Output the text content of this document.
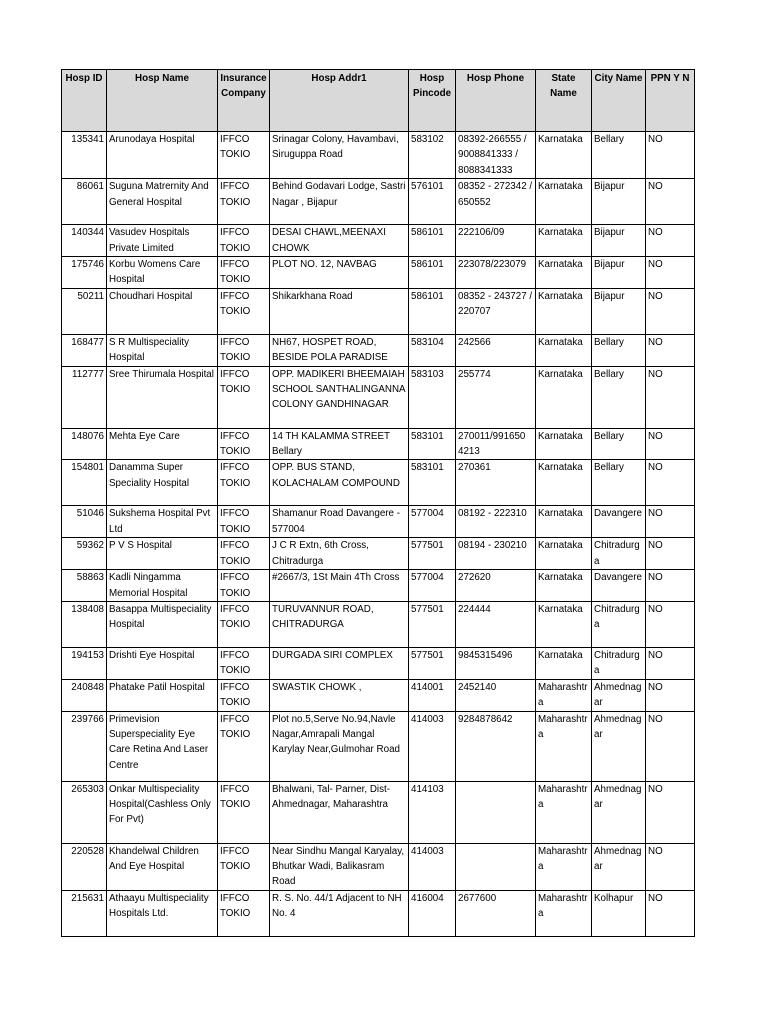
Hosp ID	Hosp Name	Insurance Company	Hosp Addr1	Hosp Pincode	Hosp Phone	State Name	City Name	PPN Y N
135341	Arunodaya Hospital	IFFCO TOKIO	Srinagar Colony, Havambavi, Siruguppa Road	583102	08392-266555 / 9008841333 / 8088341333	Karnataka	Bellary	NO
86061	Suguna Matrernity And General Hospital	IFFCO TOKIO	Behind Godavari Lodge, Sastri Nagar , Bijapur	576101	08352 - 272342 / 650552	Karnataka	Bijapur	NO
140344	Vasudev Hospitals Private Limited	IFFCO TOKIO	DESAI CHAWL,MEENAXI CHOWK	586101	222106/09	Karnataka	Bijapur	NO
175746	Korbu Womens Care Hospital	IFFCO TOKIO	PLOT NO. 12, NAVBAG	586101	223078/223079	Karnataka	Bijapur	NO
50211	Choudhari Hospital	IFFCO TOKIO	Shikarkhana Road	586101	08352 - 243727 / 220707	Karnataka	Bijapur	NO
168477	S R Multispeciality Hospital	IFFCO TOKIO	NH67, HOSPET ROAD, BESIDE POLA PARADISE	583104	242566	Karnataka	Bellary	NO
112777	Sree Thirumala Hospital	IFFCO TOKIO	OPP. MADIKERI BHEEMAIAH SCHOOL SANTHALINGANNA COLONY GANDHINAGAR	583103	255774	Karnataka	Bellary	NO
148076	Mehta Eye Care	IFFCO TOKIO	14 TH KALAMMA STREET Bellary	583101	270011/991650 4213	Karnataka	Bellary	NO
154801	Danamma Super Speciality Hospital	IFFCO TOKIO	OPP. BUS STAND, KOLACHALAM COMPOUND	583101	270361	Karnataka	Bellary	NO
51046	Sukshema Hospital Pvt Ltd	IFFCO TOKIO	Shamanur Road Davangere - 577004	577004	08192 - 222310	Karnataka	Davangere	NO
59362	P V S Hospital	IFFCO TOKIO	J C R Extn, 6th Cross, Chitradurga	577501	08194 - 230210	Karnataka	Chitradurga	NO
58863	Kadli Ningamma Memorial Hospital	IFFCO TOKIO	#2667/3, 1St Main 4Th Cross	577004	272620	Karnataka	Davangere	NO
138408	Basappa Multispeciality Hospital	IFFCO TOKIO	TURUVANNUR ROAD, CHITRADURGA	577501	224444	Karnataka	Chitradurga	NO
194153	Drishti Eye Hospital	IFFCO TOKIO	DURGADA SIRI COMPLEX	577501	9845315496	Karnataka	Chitradurga	NO
240848	Phatake Patil Hospital	IFFCO TOKIO	SWASTIK CHOWK ,	414001	2452140	Maharashtra	Ahmednagar	NO
239766	Primevision Superspeciality Eye Care Retina And Laser Centre	IFFCO TOKIO	Plot no.5,Serve No.94,Navle Nagar,Amrapali Mangal Karylay Near,Gulmohar Road	414003	9284878642	Maharashtra	Ahmednagar	NO
265303	Onkar Multispeciality Hospital(Cashless Only For Pvt)	IFFCO TOKIO	Bhalwani, Tal- Parner, Dist- Ahmednagar, Maharashtra	414103		Maharashtra	Ahmednagar	NO
220528	Khandelwal Children And Eye Hospital	IFFCO TOKIO	Near Sindhu Mangal Karyalay, Bhutkar Wadi, Balikasram Road	414003		Maharashtra	Ahmednagar	NO
215631	Athaayu Multispeciality Hospitals Ltd.	IFFCO TOKIO	R. S. No. 44/1 Adjacent to NH No. 4	416004	2677600	Maharashtra	Kolhapur	NO
